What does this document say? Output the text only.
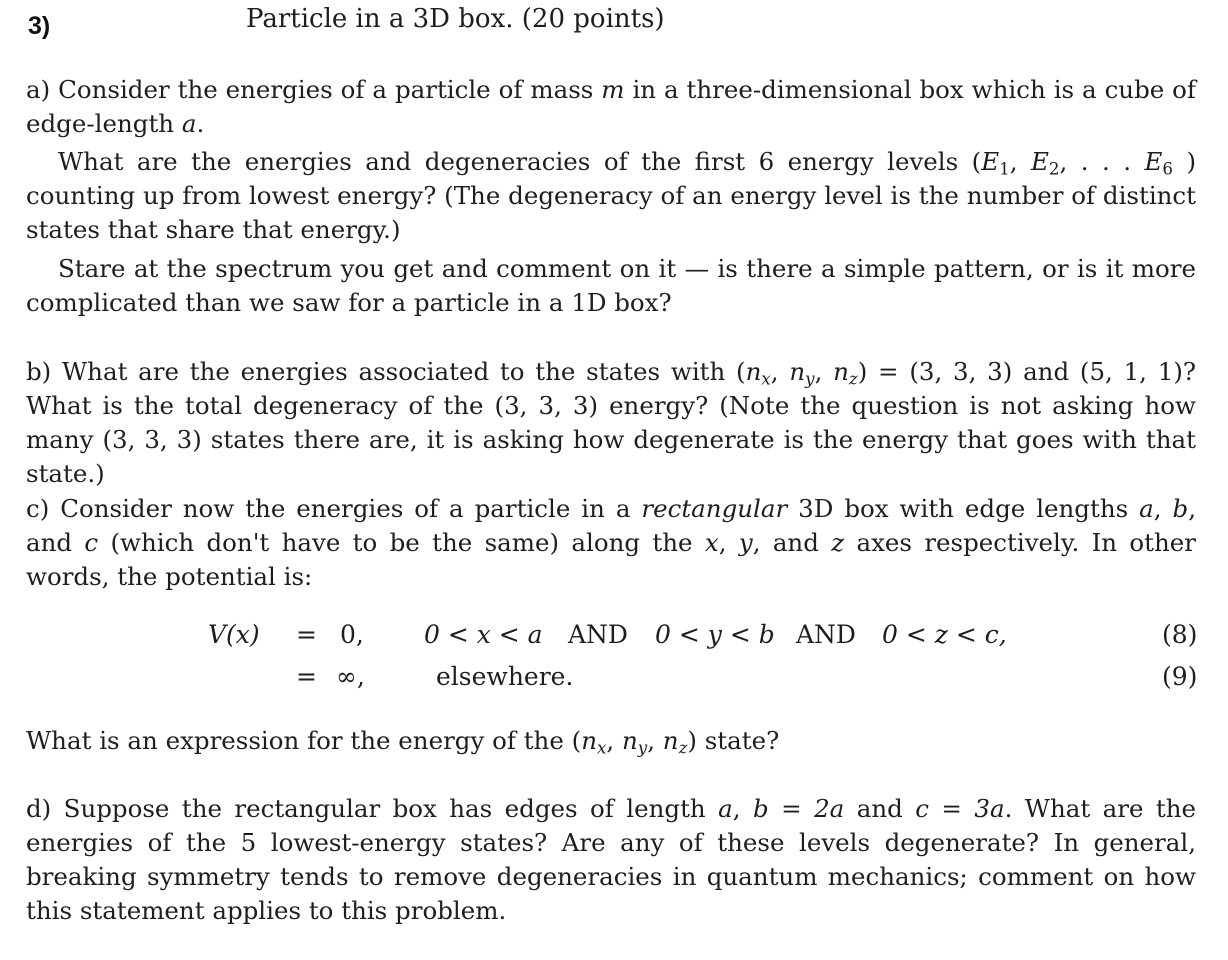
3)	Particle in a 3D box. (20 points)

a) Consider the energies of a particle of mass m in a three-dimensional box which is a cube of edge-length a.

What are the energies and degeneracies of the first 6 energy levels ($E_1$, $E_2$, . . . $E_6$ ) counting up from lowest energy? (The degeneracy of an energy level is the number of distinct states that share that energy.)

Stare at the spectrum you get and comment on it — is there a simple pattern, or is it more complicated than we saw for a particle in a 1D box?

b) What are the energies associated to the states with ($n_x$, $n_y$, $n_z) = (3$, 3, 3) and (5, 1, 1)? What is the total degeneracy of the (3, 3, 3) energy? (Note the question is not asking how many (3, 3, 3) states there are, it is asking how degenerate is the energy that goes with that state.)

c) Consider now the energies of a particle in a rectangular 3D box with edge lengths a, b, and c (which don't have to be the same) along the x, y, and z axes respectively. In other words, the potential is:

V(x) = 0, 0 < x < a AND 0 < y < b AND 0 < z < c,	(8)
= ∞,	elsewhere.	(9)

What is an expression for the energy of the ($n_x$, $n_y$, $n_z$) state?

d) Suppose the rectangular box has edges of length a, b = 2a and c = 3a. What are the energies of the 5 lowest-energy states? Are any of these levels degenerate? In general, breaking symmetry tends to remove degeneracies in quantum mechanics; comment on how this statement applies to this problem.
